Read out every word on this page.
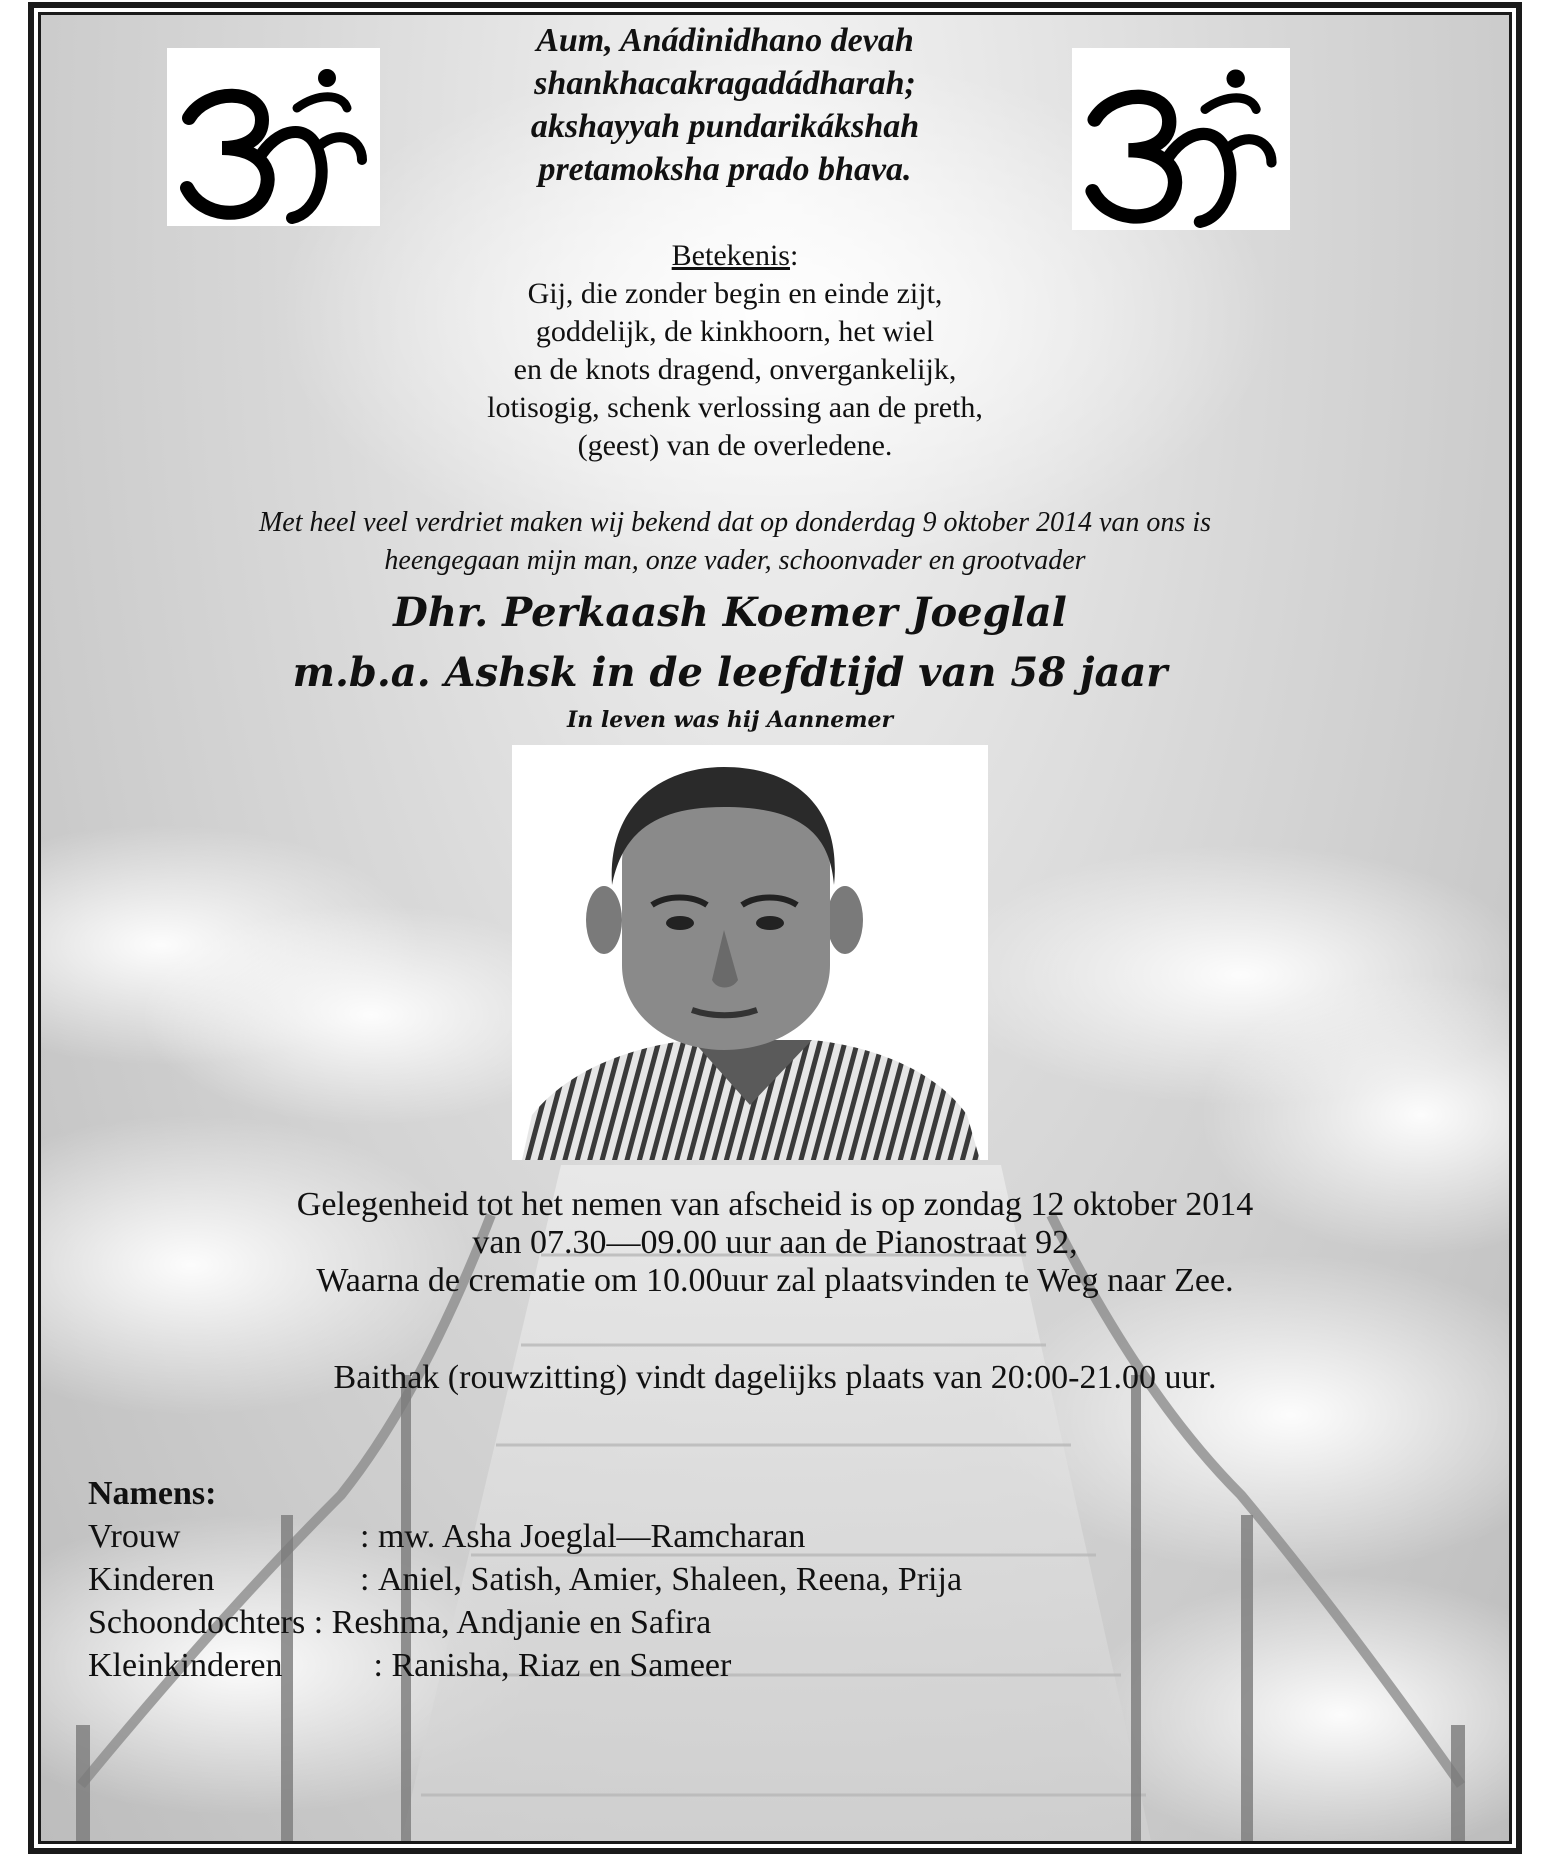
Aum, Anádinidhano devah
shankhacakragadádharah;
akshayyah pundarikákshah
pretamoksha prado bhava.
Betekenis:
Gij, die zonder begin en einde zijt,
goddelijk, de kinkhoorn, het wiel
en de knots dragend, onvergankelijk,
lotisogig, schenk verlossing aan de preth,
(geest) van de overledene.
Met heel veel verdriet maken wij bekend dat op donderdag 9 oktober 2014 van ons is
heengegaan mijn man, onze vader, schoonvader en grootvader
Dhr. Perkaash Koemer Joeglal
m.b.a. Ashsk in de leefdtijd van 58 jaar
In leven was hij Aannemer
Gelegenheid tot het nemen van afscheid is op zondag 12 oktober 2014
van 07.30—09.00 uur aan de Pianostraat 92,
Waarna de crematie om 10.00uur zal plaatsvinden te Weg naar Zee.
Baithak (rouwzitting) vindt dagelijks plaats van 20:00-21.00 uur.
Namens:
Vrouw	: mw. Asha Joeglal—Ramcharan
Kinderen	: Aniel, Satish, Amier, Shaleen, Reena, Prija
Schoondochters : Reshma, Andjanie en Safira
Kleinkinderen	: Ranisha, Riaz en Sameer
